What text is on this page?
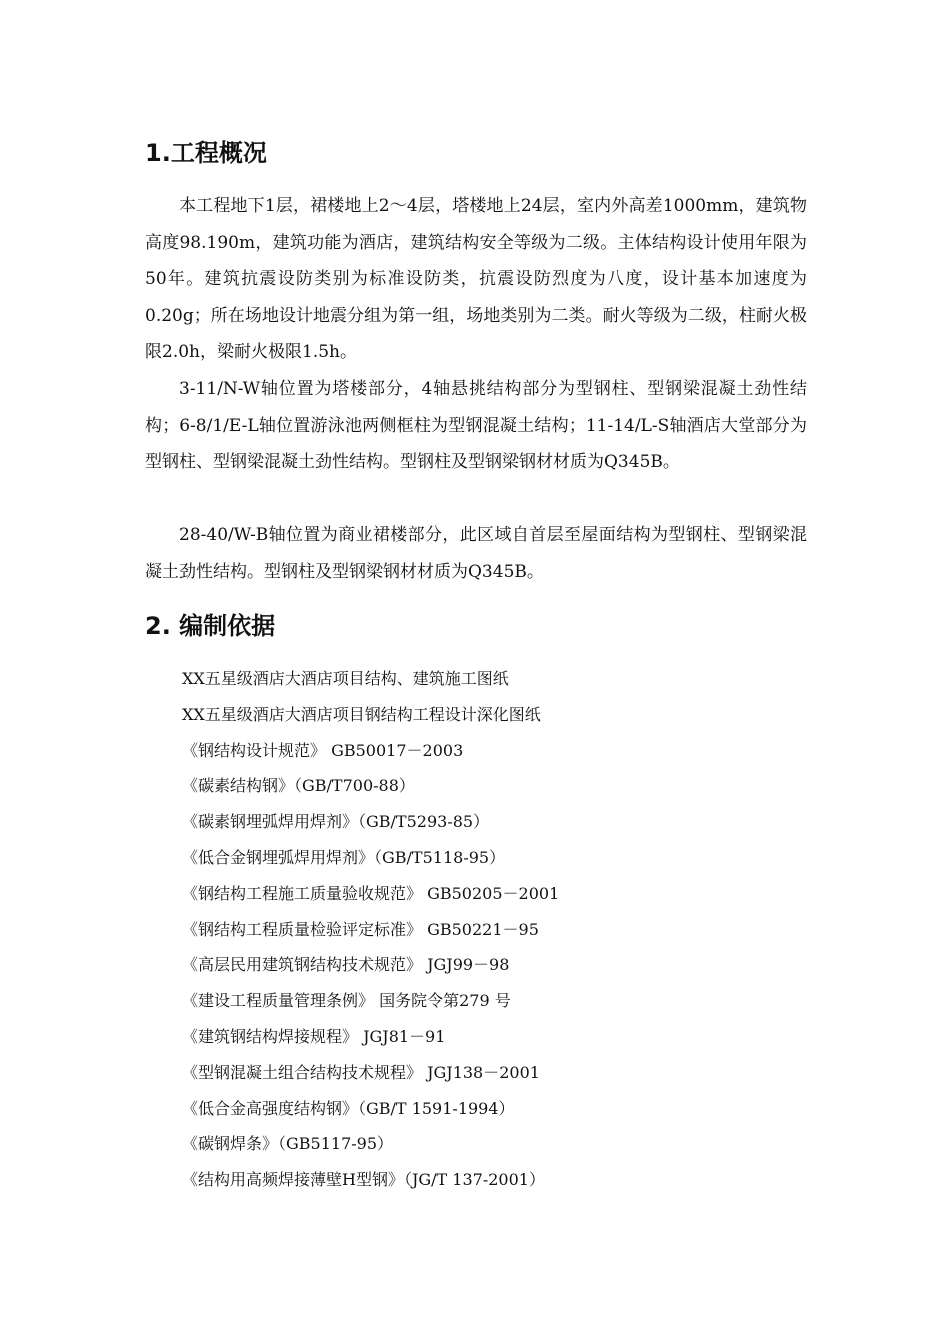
1.工程概况

本工程地下1层，裙楼地上2～4层，塔楼地上24层，室内外高差1000mm，建筑物高度98.190m，建筑功能为酒店，建筑结构安全等级为二级。主体结构设计使用年限为50年。建筑抗震设防类别为标准设防类，抗震设防烈度为八度，设计基本加速度为0.20g；所在场地设计地震分组为第一组，场地类别为二类。耐火等级为二级，柱耐火极限2.0h，梁耐火极限1.5h。

3-11/N-W轴位置为塔楼部分，4轴悬挑结构部分为型钢柱、型钢梁混凝土劲性结构；6-8/1/E-L轴位置游泳池两侧框柱为型钢混凝土结构；11-14/L-S轴酒店大堂部分为型钢柱、型钢梁混凝土劲性结构。型钢柱及型钢梁钢材材质为Q345B。

28-40/W-B轴位置为商业裙楼部分，此区域自首层至屋面结构为型钢柱、型钢梁混凝土劲性结构。型钢柱及型钢梁钢材材质为Q345B。

2. 编制依据
XX五星级酒店大酒店项目结构、建筑施工图纸
XX五星级酒店大酒店项目钢结构工程设计深化图纸
《钢结构设计规范》 GB50017－2003
《碳素结构钢》（GB/T700-88）
《碳素钢埋弧焊用焊剂》（GB/T5293-85）
《低合金钢埋弧焊用焊剂》（GB/T5118-95）
《钢结构工程施工质量验收规范》 GB50205－2001
《钢结构工程质量检验评定标准》 GB50221－95
《高层民用建筑钢结构技术规范》 JGJ99－98
《建设工程质量管理条例》 国务院令第279 号
《建筑钢结构焊接规程》 JGJ81－91
《型钢混凝土组合结构技术规程》 JGJ138－2001
《低合金高强度结构钢》（GB/T 1591-1994）
《碳钢焊条》（GB5117-95）
《结构用高频焊接薄壁H型钢》（JG/T 137-2001）
